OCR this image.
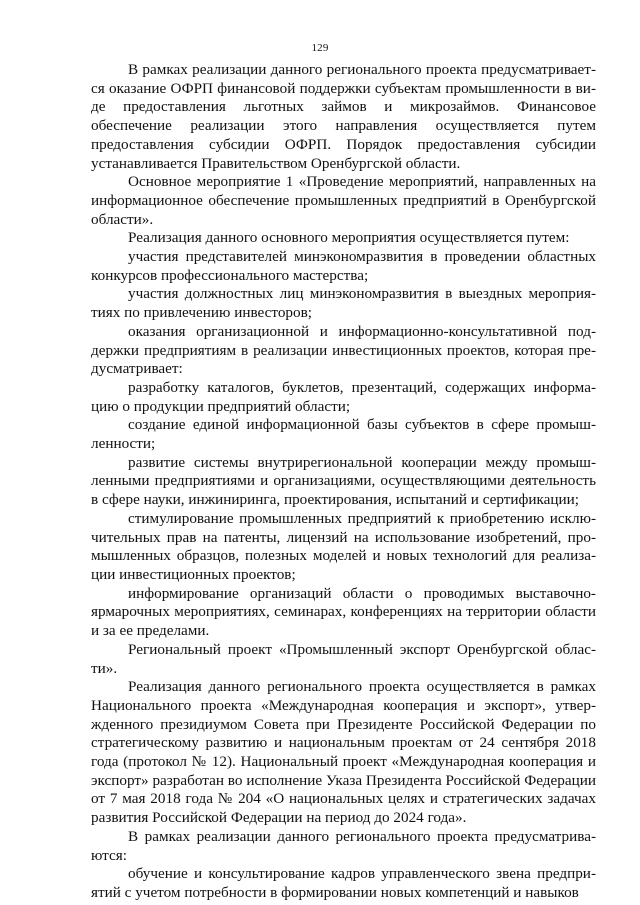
129

В рамках реализации данного регионального проекта предусматривается оказание ОФРП финансовой поддержки субъектам промышленности в виде предоставления льготных займов и микрозаймов. Финансовое обеспечение реализации этого направления осуществляется путем предоставления субсидии ОФРП. Порядок предоставления субсидии устанавливается Правительством Оренбургской области.

Основное мероприятие 1 «Проведение мероприятий, направленных на информационное обеспечение промышленных предприятий в Оренбургской области».

Реализация данного основного мероприятия осуществляется путем:

участия представителей минэкономразвития в проведении областных конкурсов профессионального мастерства;

участия должностных лиц минэкономразвития в выездных мероприятиях по привлечению инвесторов;

оказания организационной и информационно-консультативной поддержки предприятиям в реализации инвестиционных проектов, которая предусматривает:

разработку каталогов, буклетов, презентаций, содержащих информацию о продукции предприятий области;

создание единой информационной базы субъектов в сфере промышленности;

развитие системы внутрирегиональной кооперации между промышленными предприятиями и организациями, осуществляющими деятельность в сфере науки, инжиниринга, проектирования, испытаний и сертификации;

стимулирование промышленных предприятий к приобретению исключительных прав на патенты, лицензий на использование изобретений, промышленных образцов, полезных моделей и новых технологий для реализации инвестиционных проектов;

информирование организаций области о проводимых выставочно-ярмарочных мероприятиях, семинарах, конференциях на территории области и за ее пределами.

Региональный проект «Промышленный экспорт Оренбургской области».

Реализация данного регионального проекта осуществляется в рамках Национального проекта «Международная кооперация и экспорт», утвержденного президиумом Совета при Президенте Российской Федерации по стратегическому развитию и национальным проектам от 24 сентября 2018 года (протокол № 12). Национальный проект «Международная кооперация и экспорт» разработан во исполнение Указа Президента Российской Федерации от 7 мая 2018 года № 204 «О национальных целях и стратегических задачах развития Российской Федерации на период до 2024 года».

В рамках реализации данного регионального проекта предусматриваются:

обучение и консультирование кадров управленческого звена предприятий с учетом потребности в формировании новых компетенций и навыков
